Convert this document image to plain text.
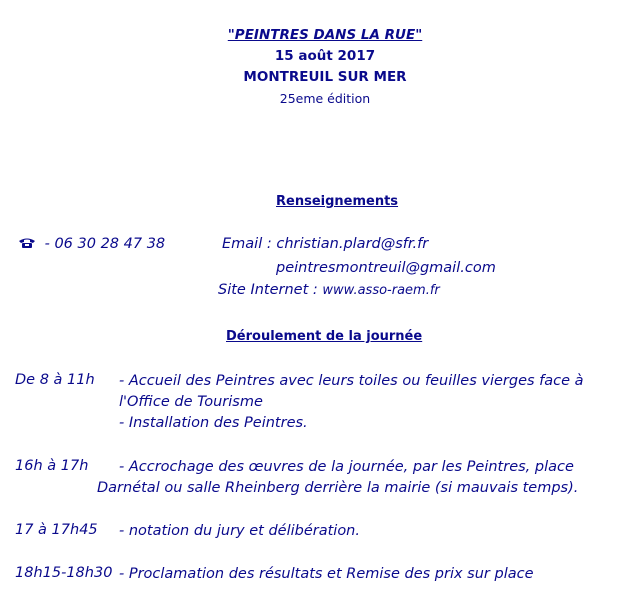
"PEINTRES DANS LA RUE"
15 août 2017
MONTREUIL SUR MER
25eme édition
Renseignements
- 06 30 28 47 38	Email : christian.plard@sfr.fr
peintresmontreuil@gmail.com
Site Internet : www.asso-raem.fr
Déroulement de la journée
De 8 à 11h - Accueil des Peintres avec leurs toiles ou feuilles vierges face à
l'Office de Tourisme
- Installation des Peintres.
16h à 17h - Accrochage des œuvres de la journée, par les Peintres, place
Darnétal ou salle Rheinberg derrière la mairie (si mauvais temps).
17 à 17h45 - notation du jury et délibération.
18h15-18h30 - Proclamation des résultats et Remise des prix sur place
